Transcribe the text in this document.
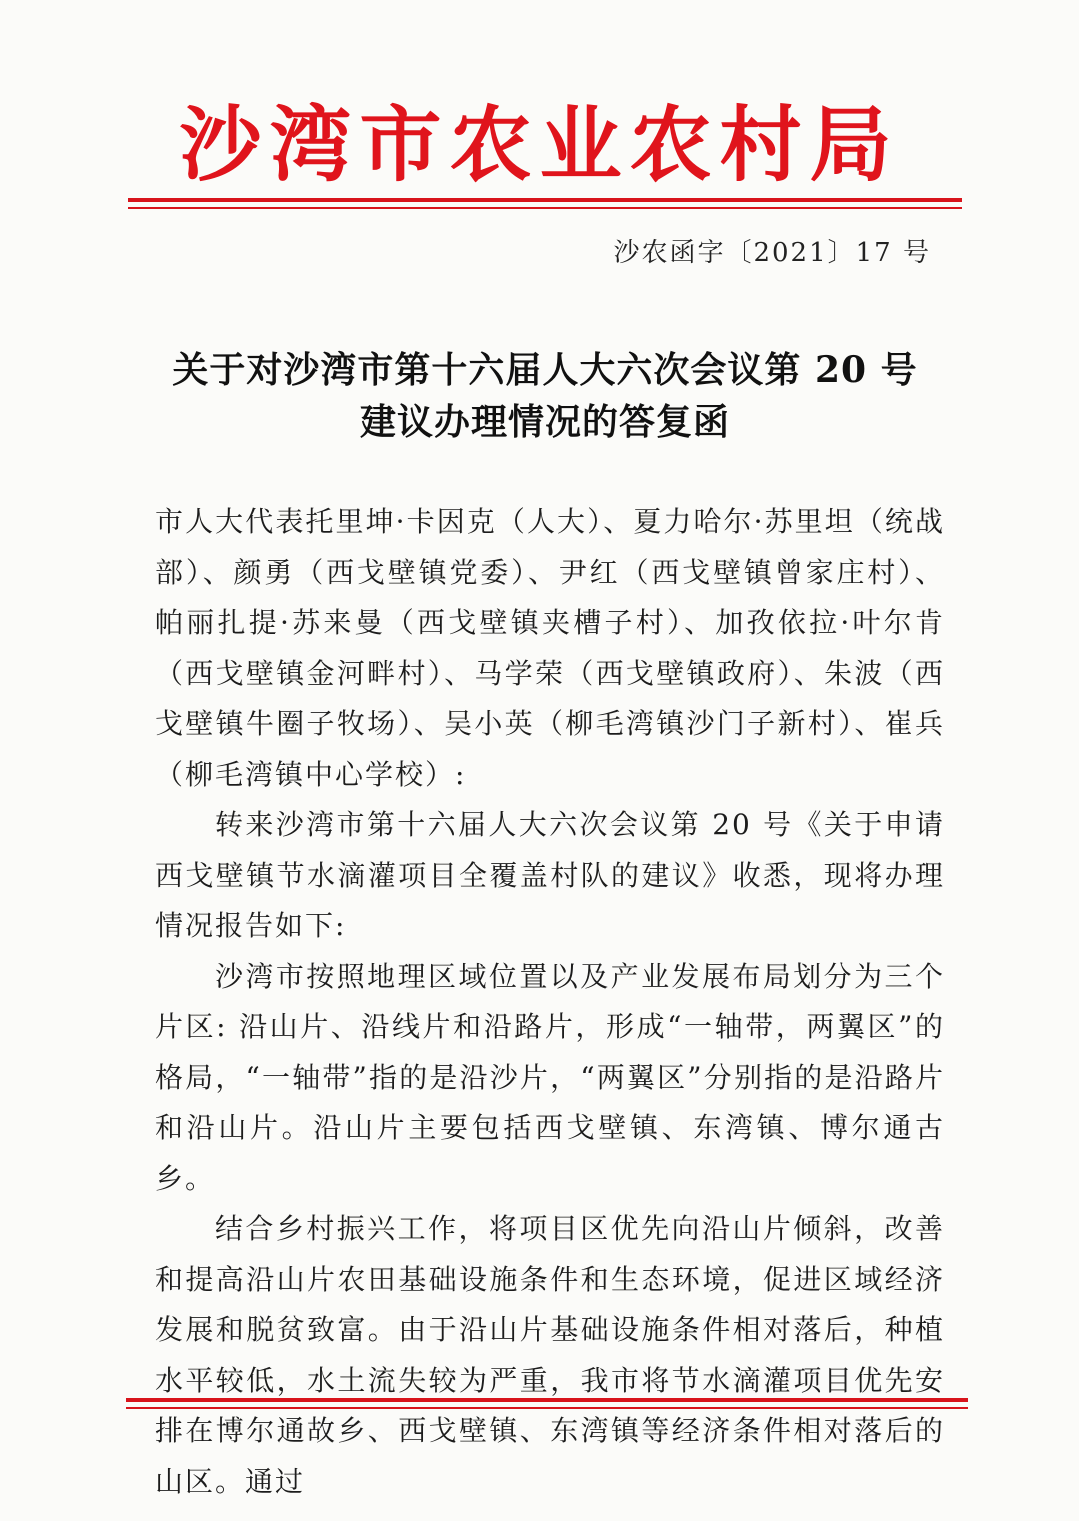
沙湾市农业农村局
沙农函字〔2021〕17 号
关于对沙湾市第十六届人大六次会议第 20 号
建议办理情况的答复函

市人大代表托里坤·卡因克（人大）、夏力哈尔·苏里坦（统战部）、颜勇（西戈壁镇党委）、尹红（西戈壁镇曾家庄村）、帕丽扎提·苏来曼（西戈壁镇夹槽子村）、加孜依拉·叶尔肯（西戈壁镇金河畔村）、马学荣（西戈壁镇政府）、朱波（西戈壁镇牛圈子牧场）、吴小英（柳毛湾镇沙门子新村）、崔兵（柳毛湾镇中心学校）:

转来沙湾市第十六届人大六次会议第 20 号《关于申请西戈壁镇节水滴灌项目全覆盖村队的建议》收悉，现将办理情况报告如下:

沙湾市按照地理区域位置以及产业发展布局划分为三个片区: 沿山片、沿线片和沿路片，形成“一轴带，两翼区”的格局，“一轴带”指的是沿沙片，“两翼区”分别指的是沿路片和沿山片。沿山片主要包括西戈壁镇、东湾镇、博尔通古乡。

结合乡村振兴工作，将项目区优先向沿山片倾斜，改善和提高沿山片农田基础设施条件和生态环境，促进区域经济发展和脱贫致富。由于沿山片基础设施条件相对落后，种植水平较低，水土流失较为严重，我市将节水滴灌项目优先安排在博尔通故乡、西戈壁镇、东湾镇等经济条件相对落后的山区。通过
